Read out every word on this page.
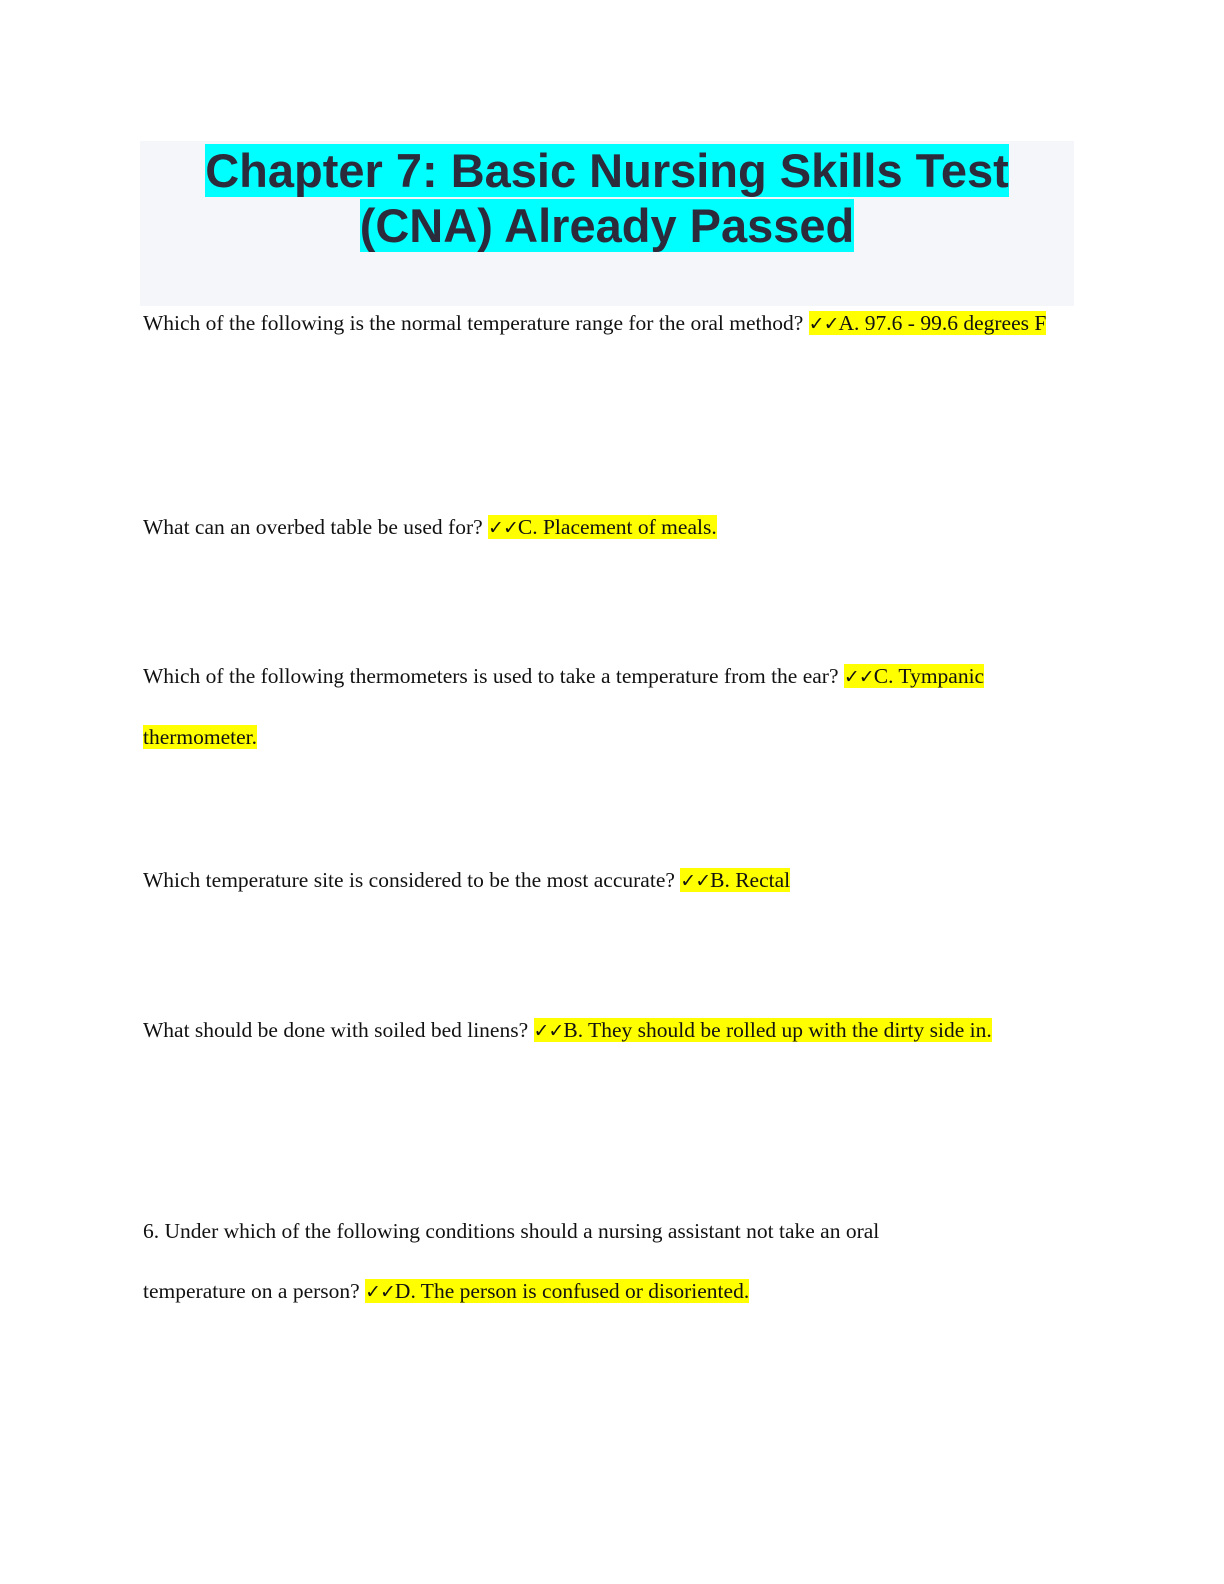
Chapter 7: Basic Nursing Skills Test
(CNA) Already Passed

Which of the following is the normal temperature range for the oral method? ✓✓A. 97.6 - 99.6 degrees F

What can an overbed table be used for? ✓✓C. Placement of meals.

Which of the following thermometers is used to take a temperature from the ear? ✓✓C. Tympanic thermometer.

Which temperature site is considered to be the most accurate? ✓✓B. Rectal

What should be done with soiled bed linens? ✓✓B. They should be rolled up with the dirty side in.

6. Under which of the following conditions should a nursing assistant not take an oral temperature on a person? ✓✓D. The person is confused or disoriented.
